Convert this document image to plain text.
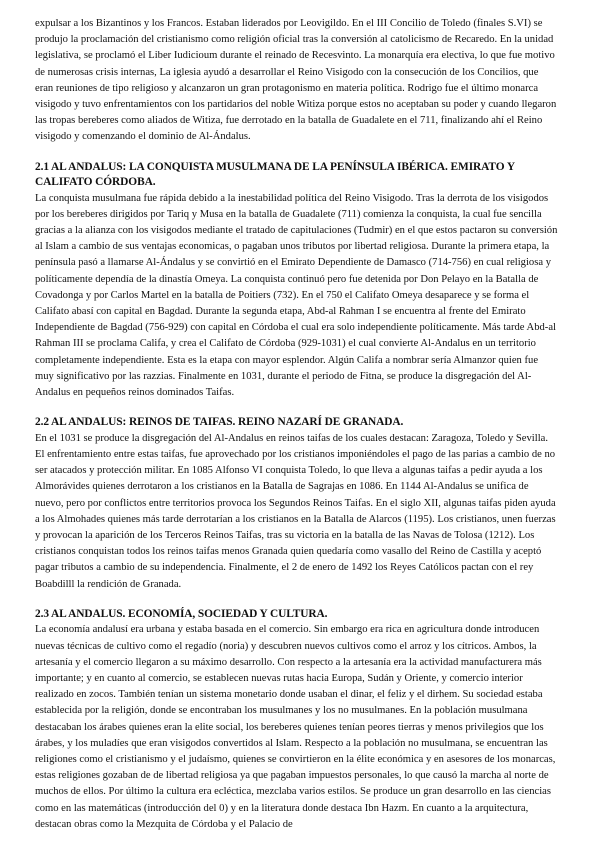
expulsar a los Bizantinos y los Francos. Estaban liderados por Leovigildo. En el III Concilio de Toledo (finales S.VI) se produjo la proclamación del cristianismo como religión oficial tras la conversión al catolicismo de Recaredo. En la unidad legislativa, se proclamó el Liber Iudicioum durante el reinado de Recesvinto. La monarquía era electiva, lo que fue motivo de numerosas crisis internas, La iglesia ayudó a desarrollar el Reino Visigodo con la consecución de los Concilios, que eran reuniones de tipo religioso y alcanzaron un gran protagonismo en materia política. Rodrigo fue el último monarca visigodo y tuvo enfrentamientos con los partidarios del noble Witiza porque estos no aceptaban su poder y cuando llegaron las tropas bereberes como aliados de Witiza, fue derrotado en la batalla de Guadalete en el 711, finalizando ahí el Reino visigodo y comenzando el dominio de Al-Ándalus.

2.1 AL ANDALUS: LA CONQUISTA MUSULMANA DE LA PENÍNSULA IBÉRICA. EMIRATO Y CALIFATO CÓRDOBA.

La conquista musulmana fue rápida debido a la inestabilidad política del Reino Visigodo. Tras la derrota de los visigodos por los bereberes dirigidos por Tariq y Musa en la batalla de Guadalete (711) comienza la conquista, la cual fue sencilla gracias a la alianza con los visigodos mediante el tratado de capitulaciones (Tudmir) en el que estos pactaron su conversión al Islam a cambio de sus ventajas economicas, o pagaban unos tributos por libertad religiosa. Durante la primera etapa, la península pasó a llamarse Al-Ándalus y se convirtió en el Emirato Dependiente de Damasco (714-756) en cual religiosa y políticamente dependía de la dinastía Omeya. La conquista continuó pero fue detenida por Don Pelayo en la Batalla de Covadonga y por Carlos Martel en la batalla de Poitiers (732). En el 750 el Califato Omeya desaparece y se forma el Califato abasí con capital en Bagdad. Durante la segunda etapa, Abd-al Rahman I se encuentra al frente del Emirato Independiente de Bagdad (756-929) con capital en Córdoba el cual era solo independiente políticamente. Más tarde Abd-al Rahman III se proclama Califa, y crea el Califato de Córdoba (929-1031) el cual convierte Al-Andalus en un territorio completamente independiente. Esta es la etapa con mayor esplendor. Algún Califa a nombrar sería Almanzor quien fue muy significativo por las razzias. Finalmente en 1031, durante el periodo de Fitna, se produce la disgregación del Al-Andalus en pequeños reinos dominados Taifas.

2.2 AL ANDALUS: REINOS DE TAIFAS. REINO NAZARÍ DE GRANADA.

En el 1031 se produce la disgregación del Al-Andalus en reinos taifas de los cuales destacan: Zaragoza, Toledo y Sevilla. El enfrentamiento entre estas taifas, fue aprovechado por los cristianos imponiéndoles el pago de las parias a cambio de no ser atacados y protección militar. En 1085 Alfonso VI conquista Toledo, lo que lleva a algunas taifas a pedir ayuda a los Almorávides quienes derrotaron a los cristianos en la Batalla de Sagrajas en 1086. En 1144 Al-Andalus se unifica de nuevo, pero por conflictos entre territorios provoca los Segundos Reinos Taifas. En el siglo XII, algunas taifas piden ayuda a los Almohades quienes más tarde derrotarían a los cristianos en la Batalla de Alarcos (1195). Los cristianos, unen fuerzas y provocan la aparición de los Terceros Reinos Taifas, tras su victoria en la batalla de las Navas de Tolosa (1212). Los cristianos conquistan todos los reinos taifas menos Granada quien quedaría como vasallo del Reino de Castilla y aceptó pagar tributos a cambio de su independencia. Finalmente, el 2 de enero de 1492 los Reyes Católicos pactan con el rey Boabdilll la rendición de Granada.

2.3 AL ANDALUS. ECONOMÍA, SOCIEDAD Y CULTURA.

La economía andalusí era urbana y estaba basada en el comercio. Sin embargo era rica en agricultura donde introducen nuevas técnicas de cultivo como el regadío (noria) y descubren nuevos cultivos como el arroz y los cítricos. Ambos, la artesanía y el comercio llegaron a su máximo desarrollo. Con respecto a la artesanía era la actividad manufacturera más importante; y en cuanto al comercio, se establecen nuevas rutas hacia Europa, Sudán y Oriente, y comercio interior realizado en zocos. También tenían un sistema monetario donde usaban el dinar, el feliz y el dirhem. Su sociedad estaba establecida por la religión, donde se encontraban los musulmanes y los no musulmanes. En la población musulmana destacaban los árabes quienes eran la elite social, los bereberes quienes tenían peores tierras y menos privilegios que los árabes, y los muladíes que eran visigodos convertidos al Islam. Respecto a la población no musulmana, se encuentran las religiones como el cristianismo y el judaísmo, quienes se convirtieron en la élite económica y en asesores de los monarcas, estas religiones gozaban de de libertad religiosa ya que pagaban impuestos personales, lo que causó la marcha al norte de muchos de ellos. Por último la cultura era ecléctica, mezclaba varios estilos. Se produce un gran desarrollo en las ciencias como en las matemáticas (introducción del 0) y en la literatura donde destaca Ibn Hazm. En cuanto a la arquitectura, destacan obras como la Mezquita de Córdoba y el Palacio de
